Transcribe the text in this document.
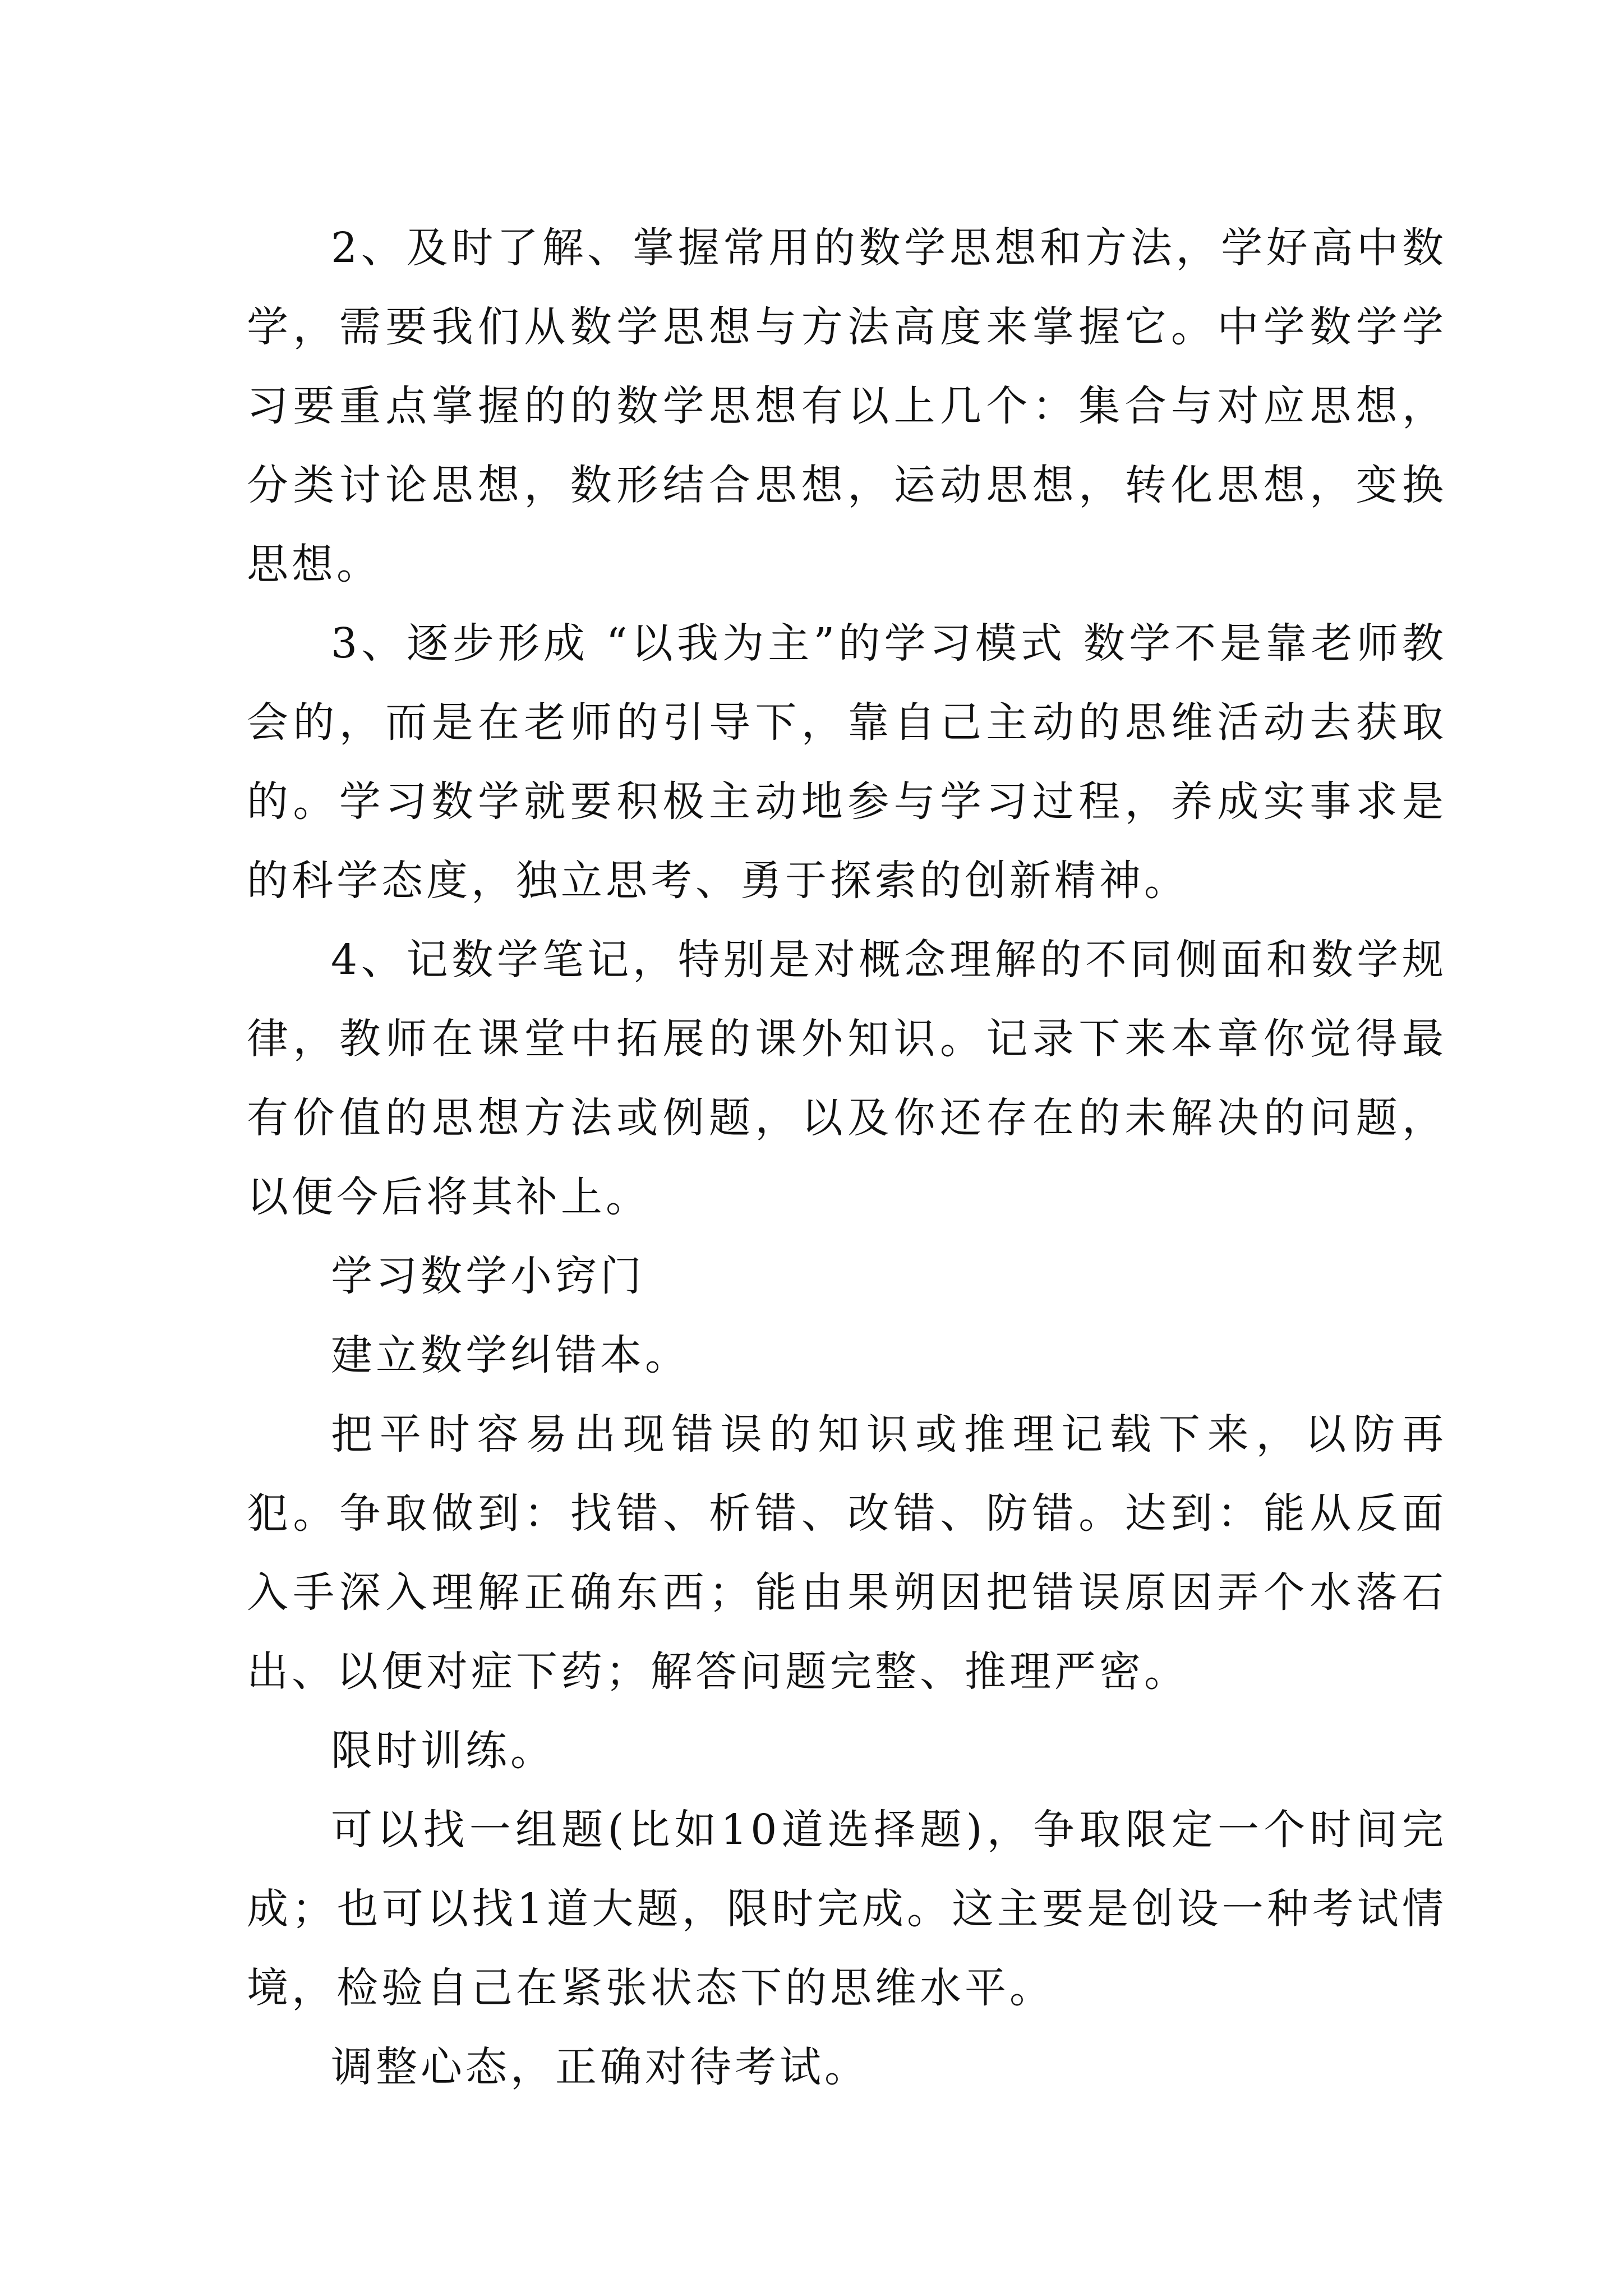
2、及时了解、掌握常用的数学思想和方法，学好高中数学，需要我们从数学思想与方法高度来掌握它。中学数学学习要重点掌握的的数学思想有以上几个：集合与对应思想，分类讨论思想，数形结合思想，运动思想，转化思想，变换思想。

3、逐步形成 “以我为主”的学习模式 数学不是靠老师教会的，而是在老师的引导下，靠自己主动的思维活动去获取的。学习数学就要积极主动地参与学习过程，养成实事求是的科学态度，独立思考、勇于探索的创新精神。

4、记数学笔记，特别是对概念理解的不同侧面和数学规律，教师在课堂中拓展的课外知识。记录下来本章你觉得最有价值的思想方法或例题，以及你还存在的未解决的问题，以便今后将其补上。

学习数学小窍门

建立数学纠错本。

把平时容易出现错误的知识或推理记载下来，以防再犯。争取做到：找错、析错、改错、防错。达到：能从反面入手深入理解正确东西；能由果朔因把错误原因弄个水落石出、以便对症下药；解答问题完整、推理严密。

限时训练。

可以找一组题(比如10道选择题)，争取限定一个时间完成；也可以找1道大题，限时完成。这主要是创设一种考试情境，检验自己在紧张状态下的思维水平。

调整心态，正确对待考试。
